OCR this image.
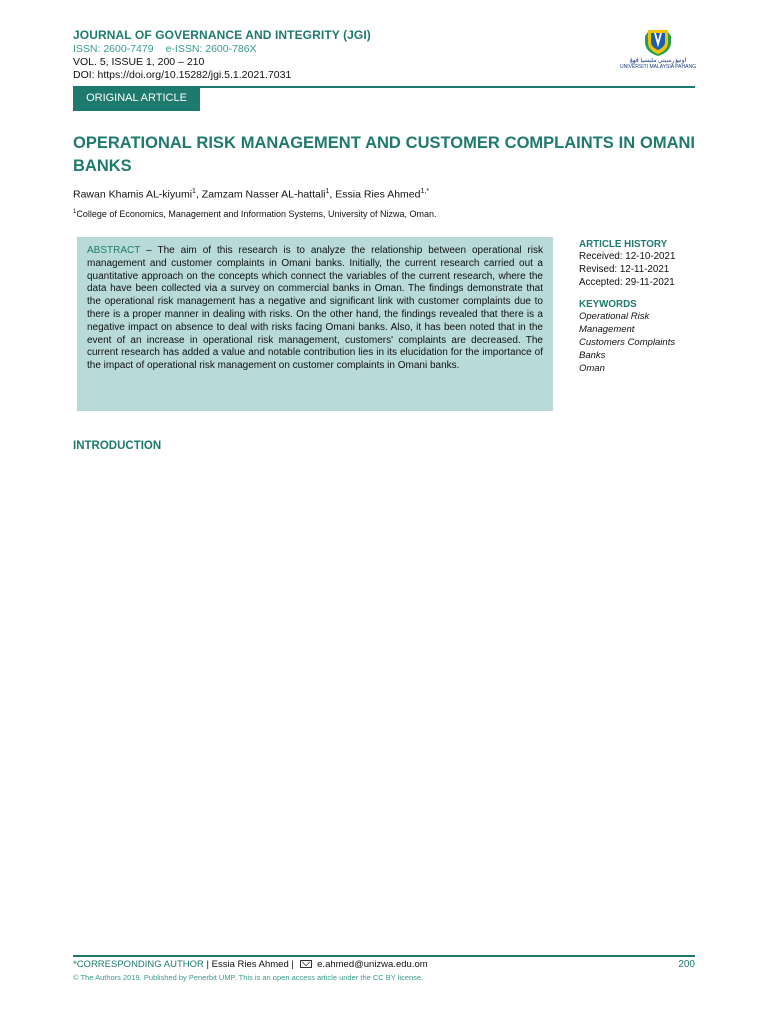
JOURNAL OF GOVERNANCE AND INTEGRITY (JGI)
ISSN: 2600-7479 e-ISSN: 2600-786X
VOL. 5, ISSUE 1, 200 – 210
DOI: https://doi.org/10.15282/jgi.5.1.2021.7031
اونيۏرسيتي مليسيا ڤهڠ
UNIVERSITI MALAYSIA PAHANG
ORIGINAL ARTICLE
OPERATIONAL RISK MANAGEMENT AND CUSTOMER COMPLAINTS IN OMANI BANKS
Rawan Khamis AL-kiyumi$^1$, Zamzam Nasser AL-hattali$^1$, Essia Ries Ahmed$^{1,*}$
$^1$College of Economics, Management and Information Systems, University of Nizwa, Oman.

ABSTRACT – The aim of this research is to analyze the relationship between operational risk management and customer complaints in Omani banks. Initially, the current research carried out a quantitative approach on the concepts which connect the variables of the current research, where the data have been collected via a survey on commercial banks in Oman. The findings demonstrate that the operational risk management has a negative and significant link with customer complaints due to there is a proper manner in dealing with risks. On the other hand, the findings revealed that there is a negative impact on absence to deal with risks facing Omani banks. Also, it has been noted that in the event of an increase in operational risk management, customers' complaints are decreased. The current research has added a value and notable contribution lies in its elucidation for the importance of the impact of operational risk management on customer complaints in Omani banks.

ARTICLE HISTORY
Received: 12-10-2021
Revised: 12-11-2021
Accepted: 29-11-2021
KEYWORDS
Operational Risk
Management
Customers Complaints
Banks
Oman
INTRODUCTION
*CORRESPONDING AUTHOR | Essia Ries Ahmed | e.ahmed@unizwa.edu.om	200
© The Authors 2019. Published by Penerbit UMP. This is an open access article under the CC BY license.
